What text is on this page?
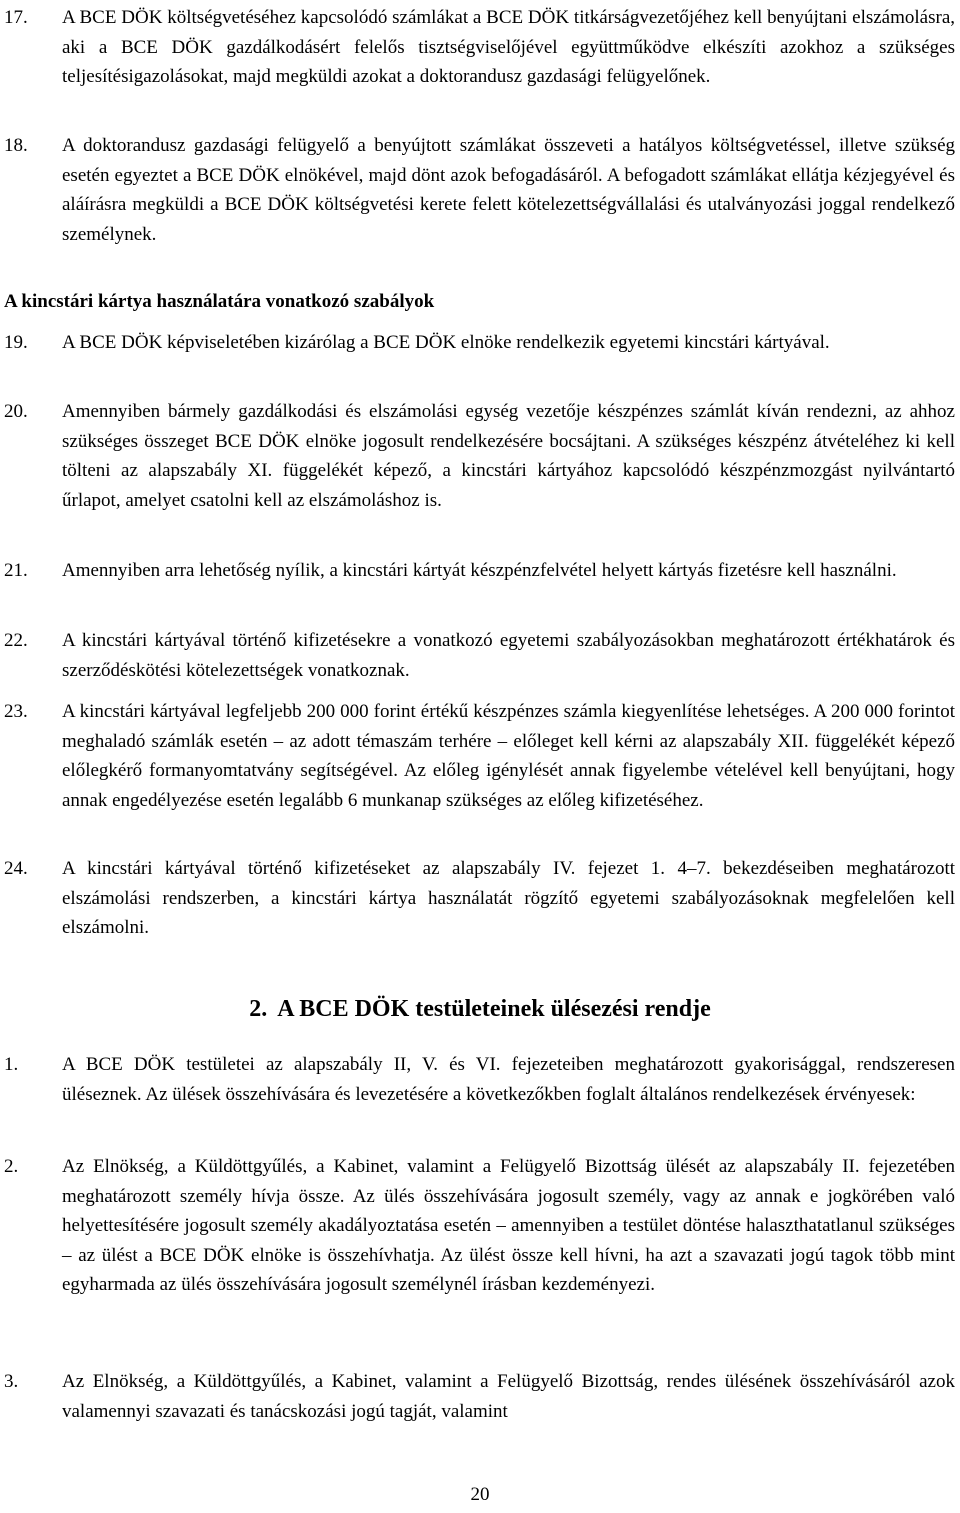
17. A BCE DÖK költségvetéséhez kapcsolódó számlákat a BCE DÖK titkárságvezetőjéhez kell benyújtani elszámolásra, aki a BCE DÖK gazdálkodásért felelős tisztségviselőjével együttműködve elkészíti azokhoz a szükséges teljesítésigazolásokat, majd megküldi azokat a doktorandusz gazdasági felügyelőnek.
18. A doktorandusz gazdasági felügyelő a benyújtott számlákat összeveti a hatályos költségvetéssel, illetve szükség esetén egyeztet a BCE DÖK elnökével, majd dönt azok befogadásáról. A befogadott számlákat ellátja kézjegyével és aláírásra megküldi a BCE DÖK költségvetési kerete felett kötelezettségvállalási és utalványozási joggal rendelkező személynek.
A kincstári kártya használatára vonatkozó szabályok
19. A BCE DÖK képviseletében kizárólag a BCE DÖK elnöke rendelkezik egyetemi kincstári kártyával.
20. Amennyiben bármely gazdálkodási és elszámolási egység vezetője készpénzes számlát kíván rendezni, az ahhoz szükséges összeget BCE DÖK elnöke jogosult rendelkezésére bocsájtani. A szükséges készpénz átvételéhez ki kell tölteni az alapszabály XI. függelékét képező, a kincstári kártyához kapcsolódó készpénzmozgást nyilvántartó űrlapot, amelyet csatolni kell az elszámoláshoz is.
21. Amennyiben arra lehetőség nyílik, a kincstári kártyát készpénzfelvétel helyett kártyás fizetésre kell használni.
22. A kincstári kártyával történő kifizetésekre a vonatkozó egyetemi szabályozásokban meghatározott értékhatárok és szerződéskötési kötelezettségek vonatkoznak.
23. A kincstári kártyával legfeljebb 200 000 forint értékű készpénzes számla kiegyenlítése lehetséges. A 200 000 forintot meghaladó számlák esetén – az adott témaszám terhére – előleget kell kérni az alapszabály XII. függelékét képező előlegkérő formanyomtatvány segítségével. Az előleg igénylését annak figyelembe vételével kell benyújtani, hogy annak engedélyezése esetén legalább 6 munkanap szükséges az előleg kifizetéséhez.
24. A kincstári kártyával történő kifizetéseket az alapszabály IV. fejezet 1. 4–7. bekezdéseiben meghatározott elszámolási rendszerben, a kincstári kártya használatát rögzítő egyetemi szabályozásoknak megfelelően kell elszámolni.
2. A BCE DÖK testületeinek ülésezési rendje
1. A BCE DÖK testületei az alapszabály II, V. és VI. fejezeteiben meghatározott gyakorisággal, rendszeresen üléseznek. Az ülések összehívására és levezetésére a következőkben foglalt általános rendelkezések érvényesek:
2. Az Elnökség, a Küldöttgyűlés, a Kabinet, valamint a Felügyelő Bizottság ülését az alapszabály II. fejezetében meghatározott személy hívja össze. Az ülés összehívására jogosult személy, vagy az annak e jogkörében való helyettesítésére jogosult személy akadályoztatása esetén – amennyiben a testület döntése halaszthatatlanul szükséges – az ülést a BCE DÖK elnöke is összehívhatja. Az ülést össze kell hívni, ha azt a szavazati jogú tagok több mint egyharmada az ülés összehívására jogosult személynél írásban kezdeményezi.
3. Az Elnökség, a Küldöttgyűlés, a Kabinet, valamint a Felügyelő Bizottság, rendes ülésének összehívásáról azok valamennyi szavazati és tanácskozási jogú tagját, valamint
20
